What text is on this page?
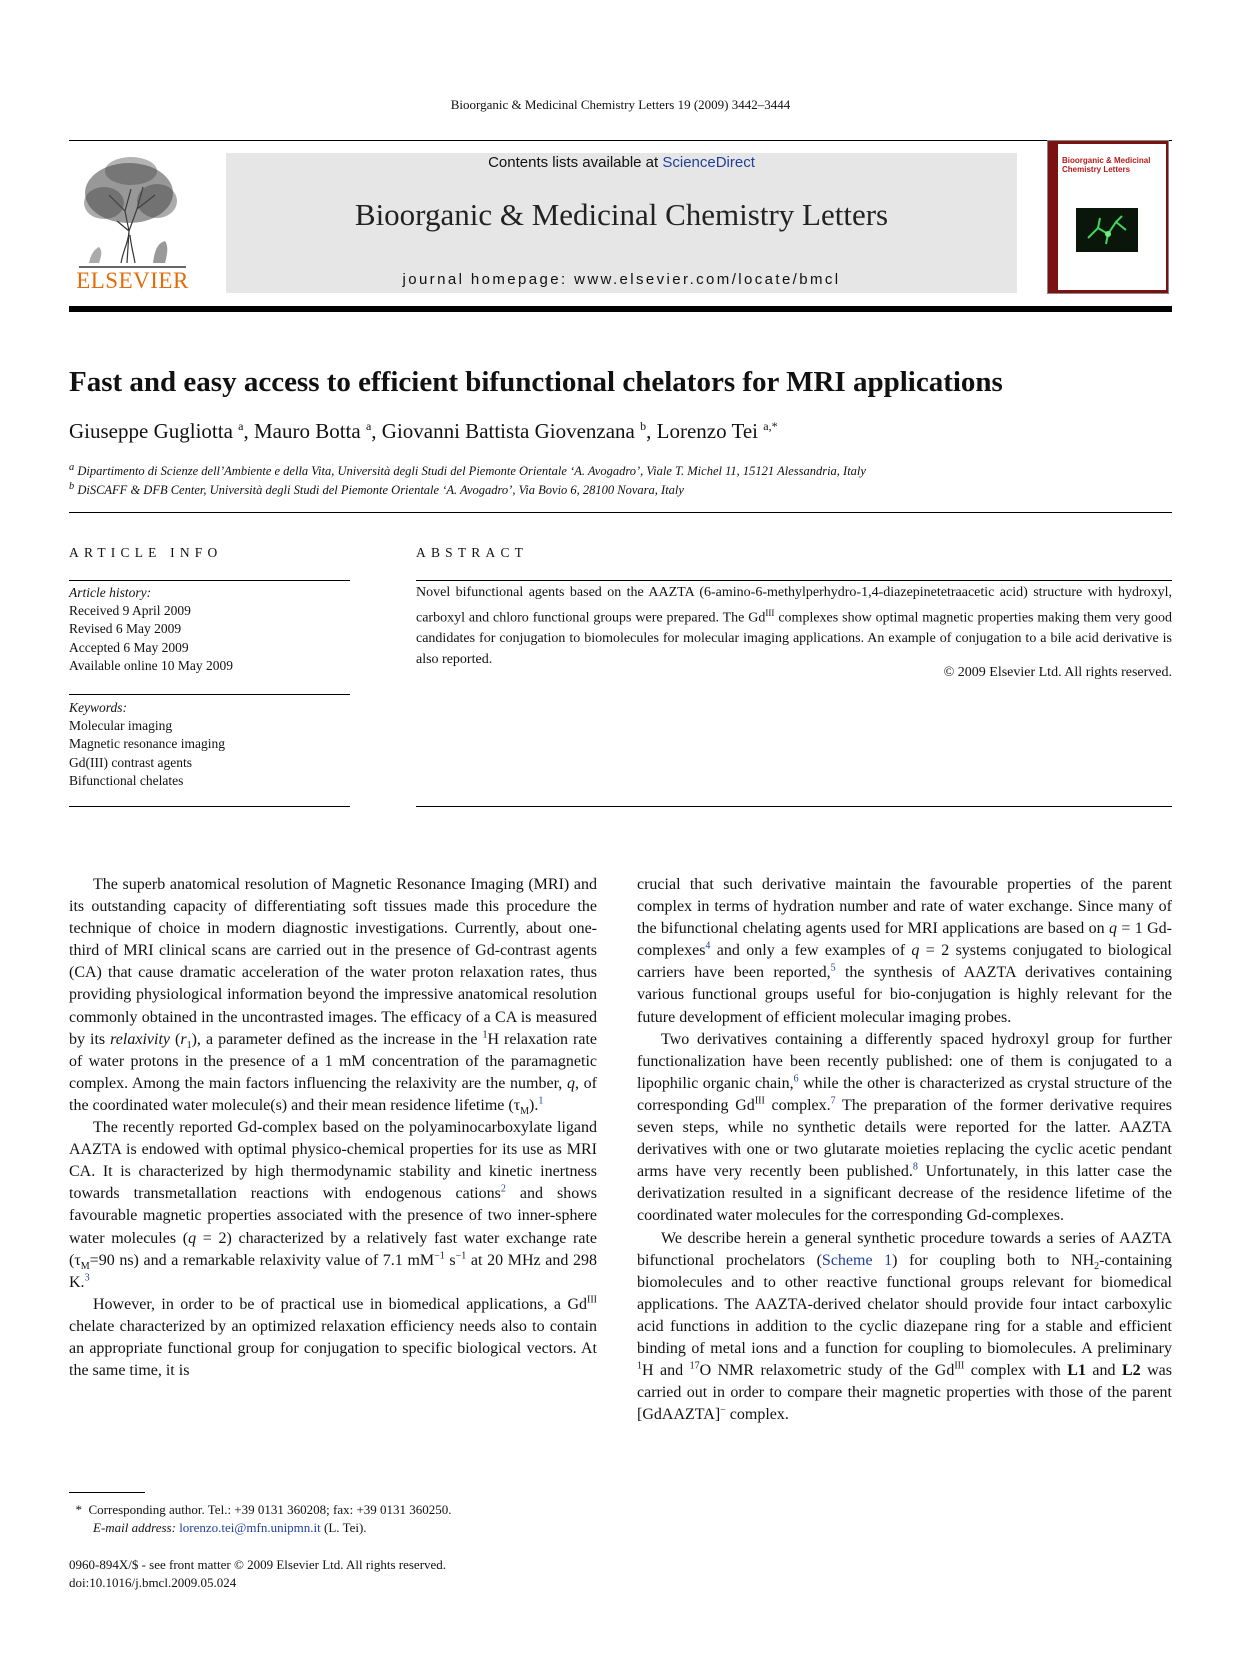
Bioorganic & Medicinal Chemistry Letters 19 (2009) 3442–3444
ELSEVIER
Contents lists available at ScienceDirect
Bioorganic & Medicinal Chemistry Letters
journal homepage: www.elsevier.com/locate/bmcl
Bioorganic & Medicinal Chemistry Letters
Fast and easy access to efficient bifunctional chelators for MRI applications
Giuseppe Gugliotta $^a$, Mauro Botta $^a$, Giovanni Battista Giovenzana $^b$, Lorenzo Tei $^{a,*}$
$^a$ Dipartimento di Scienze dell’Ambiente e della Vita, Università degli Studi del Piemonte Orientale ‘A. Avogadro’, Viale T. Michel 11, 15121 Alessandria, Italy
$^b$ DiSCAFF & DFB Center, Università degli Studi del Piemonte Orientale ‘A. Avogadro’, Via Bovio 6, 28100 Novara, Italy
ARTICLE INFO	ABSTRACT
Article history:
Received 9 April 2009
Revised 6 May 2009
Accepted 6 May 2009
Available online 10 May 2009
Keywords:
Molecular imaging
Magnetic resonance imaging
Gd(III) contrast agents
Bifunctional chelates
Novel bifunctional agents based on the AAZTA (6-amino-6-methylperhydro-1,4-diazepinetetraacetic acid) structure with hydroxyl, carboxyl and chloro functional groups were prepared. The $Gd^{III}$ complexes show optimal magnetic properties making them very good candidates for conjugation to biomolecules for molecular imaging applications. An example of conjugation to a bile acid derivative is also reported.
© 2009 Elsevier Ltd. All rights reserved.

The superb anatomical resolution of Magnetic Resonance Imaging (MRI) and its outstanding capacity of differentiating soft tissues made this procedure the technique of choice in modern diagnostic investigations. Currently, about one-third of MRI clinical scans are carried out in the presence of Gd-contrast agents (CA) that cause dramatic acceleration of the water proton relaxation rates, thus providing physiological information beyond the impressive anatomical resolution commonly obtained in the uncontrasted images. The efficacy of a CA is measured by its relaxivity $(r_1)$, a parameter defined as the increase in the $^1$H relaxation rate of water protons in the presence of a 1 mM concentration of the paramagnetic complex. Among the main factors influencing the relaxivity are the number, q, of the coordinated water molecule(s) and their mean residence lifetime $(\tau_M).^1$

The recently reported Gd-complex based on the polyaminocarboxylate ligand AAZTA is endowed with optimal physico-chemical properties for its use as MRI CA. It is characterized by high thermodynamic stability and kinetic inertness towards transmetallation reactions with endogenous cations$^2$ and shows favourable magnetic properties associated with the presence of two inner-sphere water molecules (q = 2) characterized by a relatively fast water exchange rate ($\tau_M=90$ ns) and a remarkable relaxivity value of 7.1 $mM^{-1}$ $s^{-1}$ at 20 MHz and 298 K.$^3$

However, in order to be of practical use in biomedical applications, a $Gd^{III}$ chelate characterized by an optimized relaxation efficiency needs also to contain an appropriate functional group for conjugation to specific biological vectors. At the same time, it is

crucial that such derivative maintain the favourable properties of the parent complex in terms of hydration number and rate of water exchange. Since many of the bifunctional chelating agents used for MRI applications are based on q = 1 Gd-complexes$^4$ and only a few examples of q = 2 systems conjugated to biological carriers have been reported,$^5$ the synthesis of AAZTA derivatives containing various functional groups useful for bio-conjugation is highly relevant for the future development of efficient molecular imaging probes.

Two derivatives containing a differently spaced hydroxyl group for further functionalization have been recently published: one of them is conjugated to a lipophilic organic chain,$^6$ while the other is characterized as crystal structure of the corresponding $Gd^{III}$ complex.$^7$ The preparation of the former derivative requires seven steps, while no synthetic details were reported for the latter. AAZTA derivatives with one or two glutarate moieties replacing the cyclic acetic pendant arms have very recently been published.$^8$ Unfortunately, in this latter case the derivatization resulted in a significant decrease of the residence lifetime of the coordinated water molecules for the corresponding Gd-complexes.

We describe herein a general synthetic procedure towards a series of AAZTA bifunctional prochelators (Scheme 1) for coupling both to $NH_2$-containing biomolecules and to other reactive functional groups relevant for biomedical applications. The AAZTA-derived chelator should provide four intact carboxylic acid functions in addition to the cyclic diazepane ring for a stable and efficient binding of metal ions and a function for coupling to biomolecules. A preliminary $^1$H and $^{17}$O NMR relaxometric study of the $Gd^{III}$ complex with L1 and L2 was carried out in order to compare their magnetic properties with those of the parent [GdAAZTA]− complex.

* Corresponding author. Tel.: +39 0131 360208; fax: +39 0131 360250.
E-mail address: lorenzo.tei@mfn.unipmn.it (L. Tei).
0960-894X/$ - see front matter © 2009 Elsevier Ltd. All rights reserved.
doi:10.1016/j.bmcl.2009.05.024
